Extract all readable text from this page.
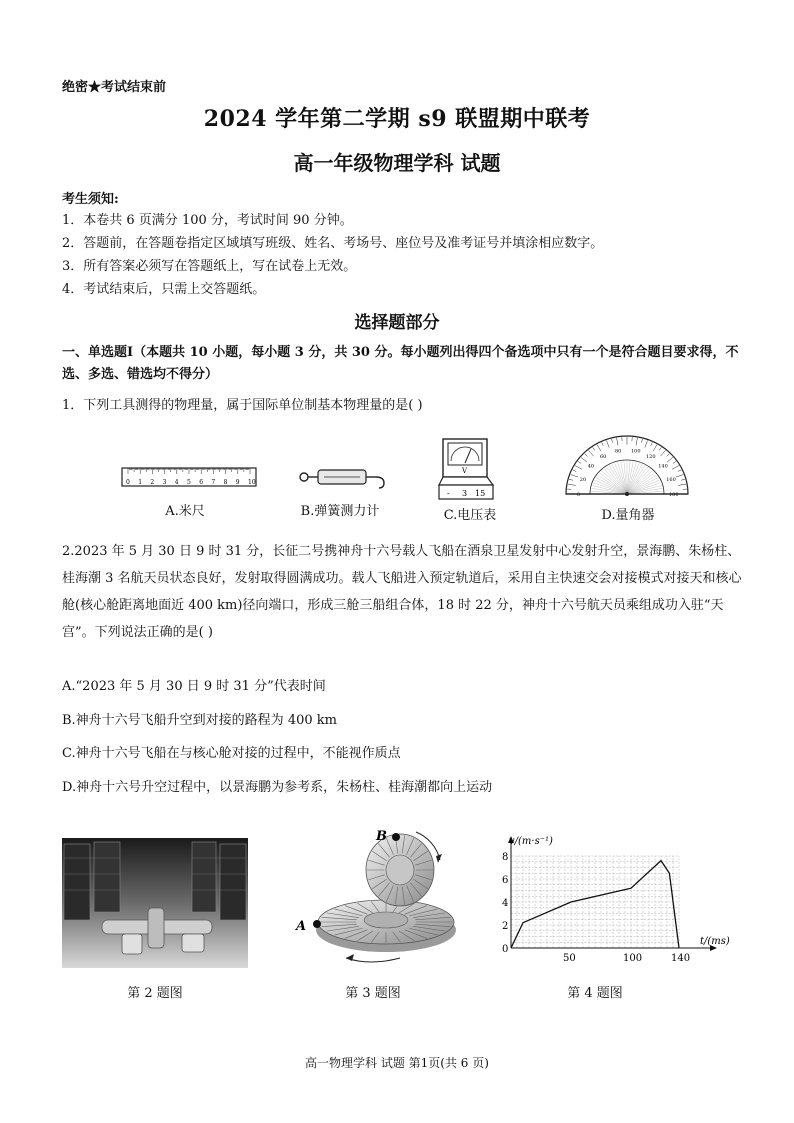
绝密★考试结束前
2024 学年第二学期 s9 联盟期中联考
高一年级物理学科 试题
考生须知:
1．本卷共 6 页满分 100 分，考试时间 90 分钟。
2．答题前，在答题卷指定区域填写班级、姓名、考场号、座位号及准考证号并填涂相应数字。
3．所有答案必须写在答题纸上，写在试卷上无效。
4．考试结束后，只需上交答题纸。
选择题部分
一、单选题Ⅰ（本题共 10 小题，每小题 3 分，共 30 分。每小题列出得四个备选项中只有一个是符合题目要求得，不选、多选、错选均不得分）
1．下列工具测得的物理量，属于国际单位制基本物理量的是( )
0 1 2 3 4 5 6 7 8 9 10
A.米尺	B.弹簧测力计
V
- 3 15
C.电压表
0
20
40
60
80 100
120
140
160
180
D.量角器
2.2023 年 5 月 30 日 9 时 31 分，长征二号携神舟十六号载人飞船在酒泉卫星发射中心发射升空，景海鹏、朱杨柱、桂海潮 3 名航天员状态良好，发射取得圆满成功。载人飞船进入预定轨道后，采用自主快速交会对接模式对接天和核心舱(核心舱距离地面近 400 km)径向端口，形成三舱三船组合体，18 时 22 分，神舟十六号航天员乘组成功入驻“天宫”。下列说法正确的是( )
A.“2023 年 5 月 30 日 9 时 31 分”代表时间
B.神舟十六号飞船升空到对接的路程为 400 km
C.神舟十六号飞船在与核心舱对接的过程中，不能视作质点
D.神舟十六号升空过程中，以景海鹏为参考系，朱杨柱、桂海潮都向上运动
第 2 题图
B
A
第 3 题图
0
2
4
6
8
50	100	140
v/(m·s⁻¹)
t/(ms)
第 4 题图
高一物理学科 试题 第1页(共 6 页)
